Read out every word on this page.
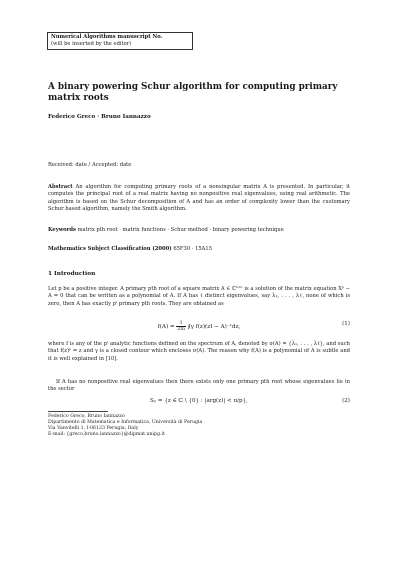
Numerical Algorithms manuscript No.
(will be inserted by the editor)
A binary powering Schur algorithm for computing primary matrix roots
Federico Greco · Bruno Iannazzo
Received: date / Accepted: date
Abstract An algorithm for computing primary roots of a nonsingular matrix A is presented. In particular, it computes the principal root of a real matrix having no nonpositive real eigenvalues, using real arithmetic. The algorithm is based on the Schur decomposition of A and has an order of complexity lower than the customary Schur based algorithm, namely the Smith algorithm.
Keywords matrix pth root · matrix functions · Schur method · binary powering technique
Mathematics Subject Classification (2000) 65F30 · 15A15
1 Introduction
Let p be a positive integer. A primary pth root of a square matrix A ∈ ℂⁿˣⁿ is a solution of the matrix equation Xᵖ − A = 0 that can be written as a polynomial of A. If A has ℓ distinct eigenvalues, say λ₁, . . . , λℓ, none of which is zero, then A has exactly pˡ primary pth roots. They are obtained as
$f(A) = \frac{1}{2\pi i}$ ∮γ f(z)(zI − A)⁻¹dz,	(1)
where f is any of the pˡ analytic functions defined on the spectrum of A, denoted by σ(A) = {λ₁, . . . , λℓ}, and such that f(z)ᵖ = z and γ is a closed contour which encloses σ(A). The reason why f(A) is a polynomial of A is subtle and it is well explained in [10].
If A has no nonpositive real eigenvalues then there exists only one primary pth root whose eigenvalues lie in the sector
Sₚ = {z ∈ ℂ \ {0} : |arg(z)| < π/p},	(2)
Federico Greco, Bruno Iannazzo
Dipartimento di Matematica e Informatica, Università di Perugia
Via Vanvitelli 1, I-06123 Perugia, Italy
E-mail: {greco,bruno.iannazzo}@dipmat.unipg.it
